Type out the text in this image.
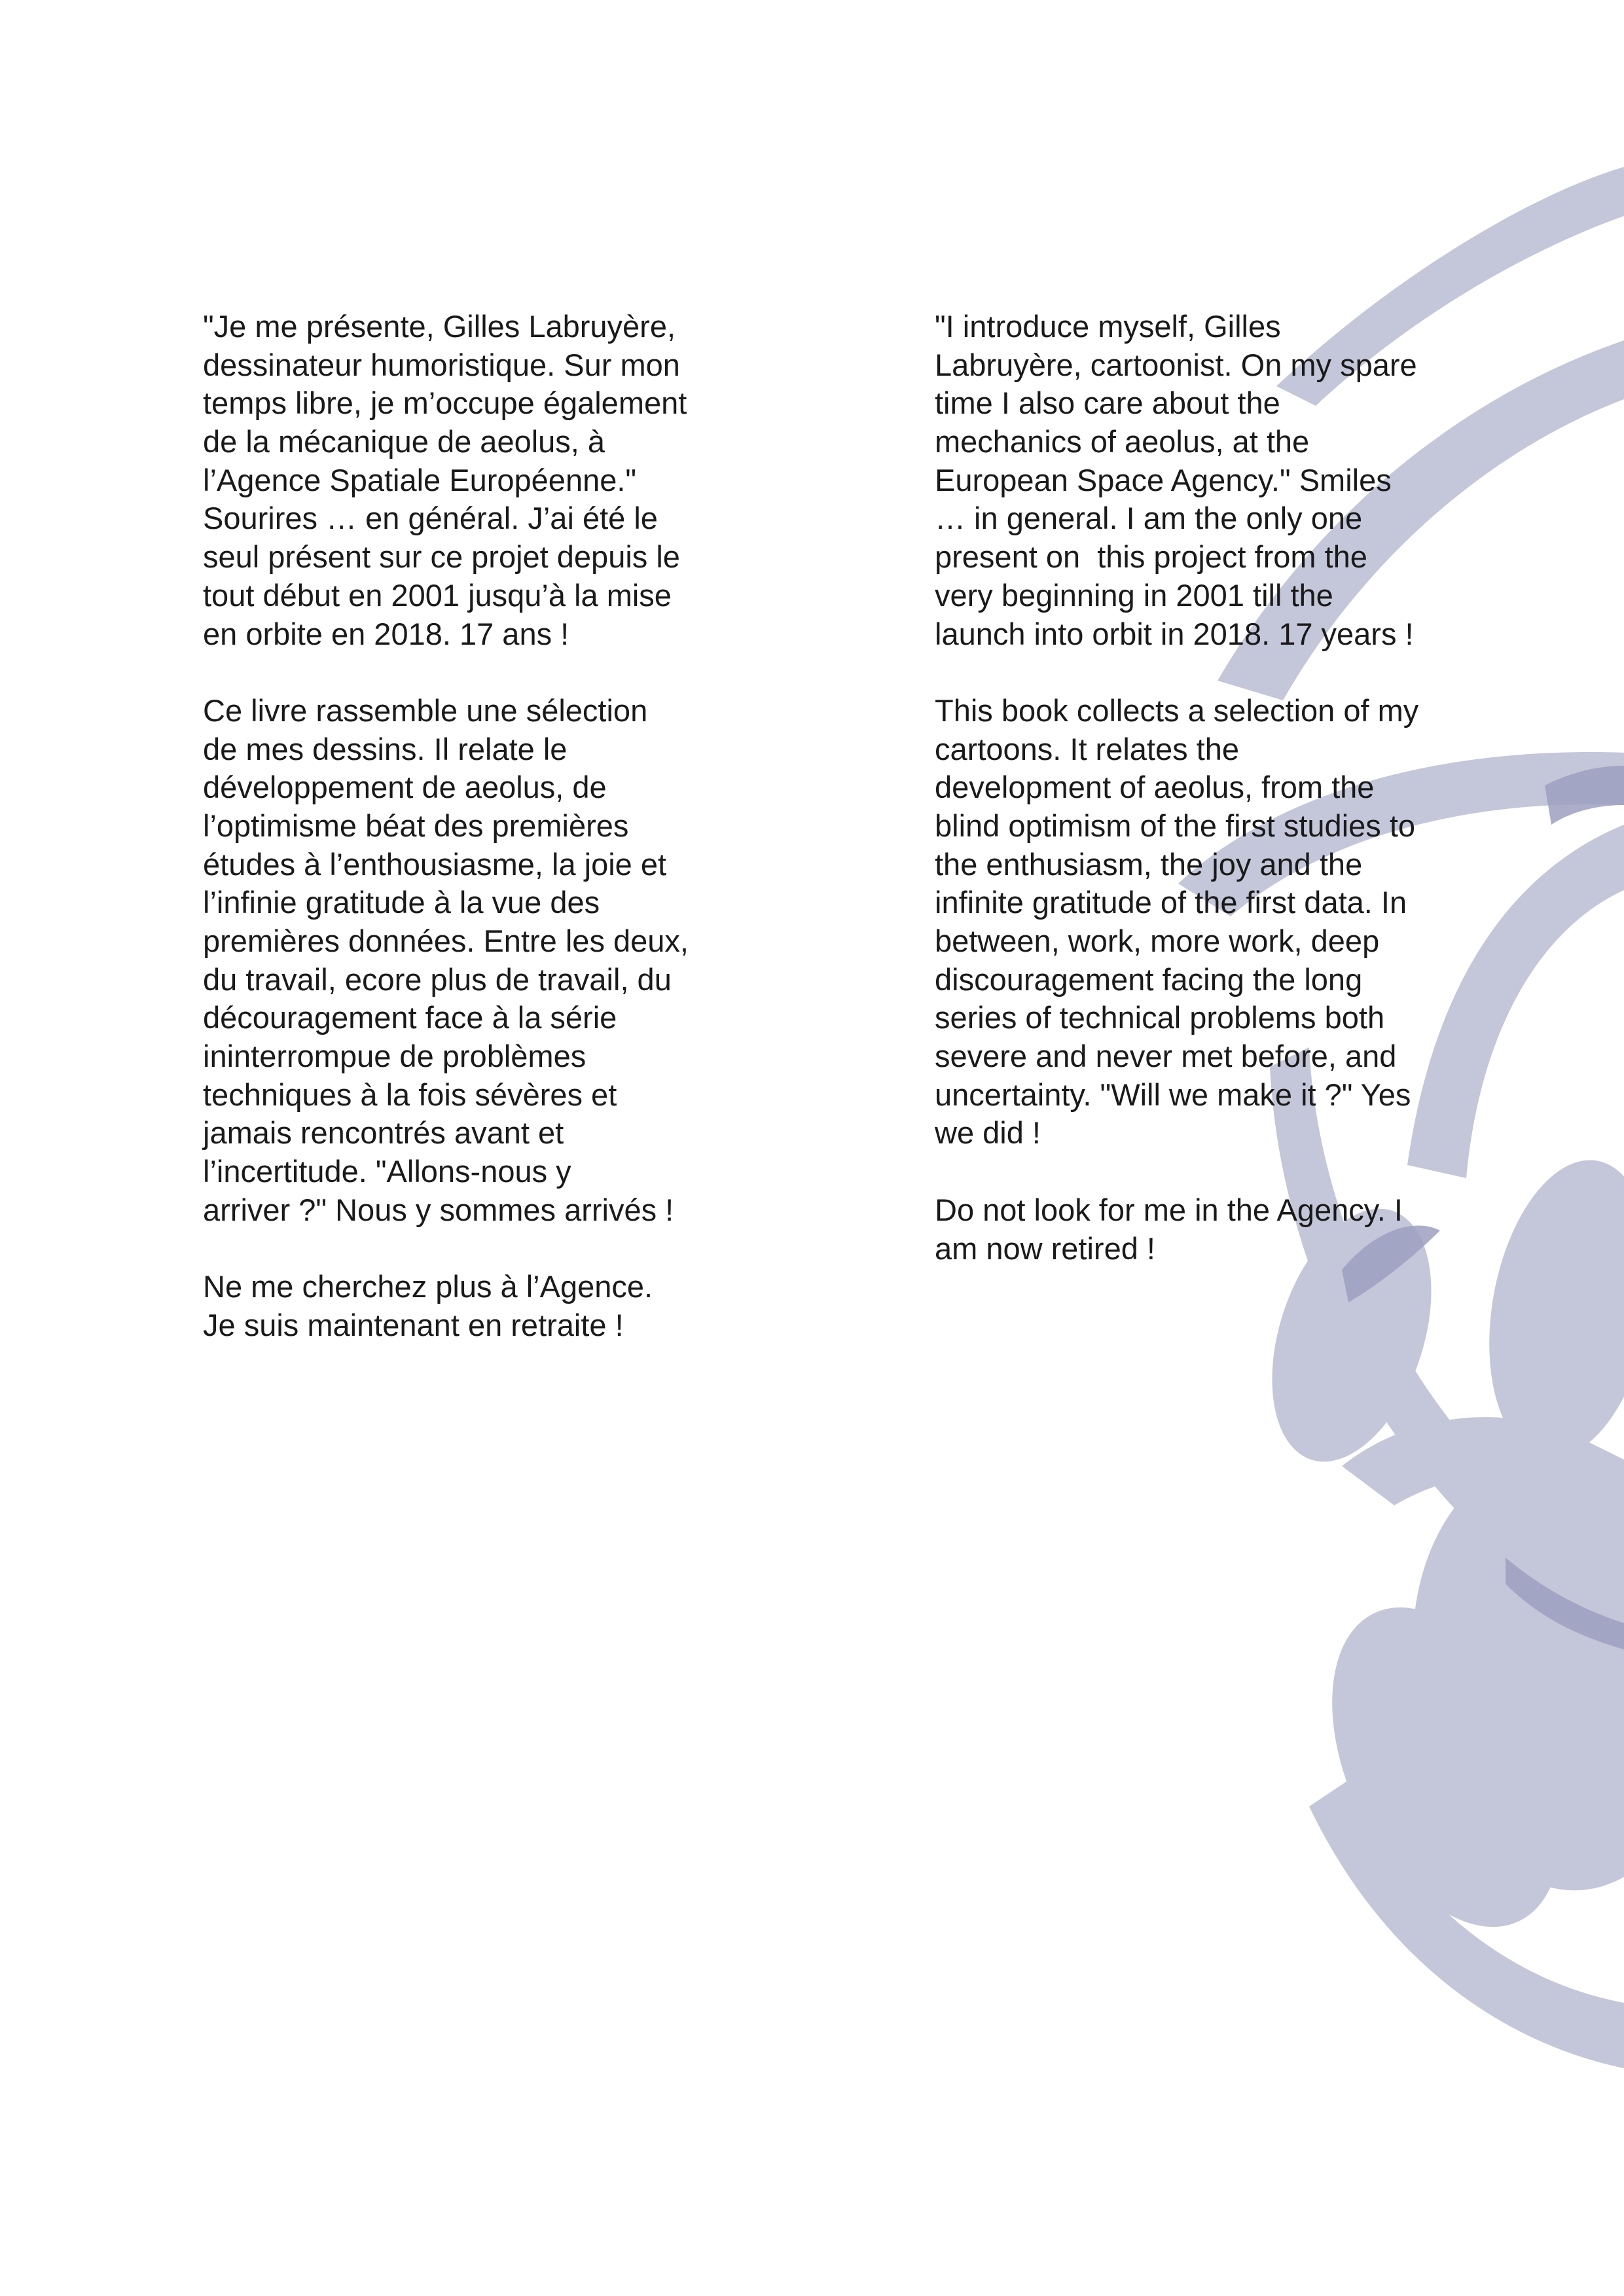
"Je me présente, Gilles Labruyère,
dessinateur humoristique. Sur mon
temps libre, je m’occupe également
de la mécanique de aeolus, à
l’Agence Spatiale Européenne."
Sourires … en général. J’ai été le
seul présent sur ce projet depuis le
tout début en 2001 jusqu’à la mise
en orbite en 2018. 17 ans !
Ce livre rassemble une sélection
de mes dessins. Il relate le
développement de aeolus, de
l’optimisme béat des premières
études à l’enthousiasme, la joie et
l’infinie gratitude à la vue des
premières données. Entre les deux,
du travail, ecore plus de travail, du
découragement face à la série
ininterrompue de problèmes
techniques à la fois sévères et
jamais rencontrés avant et
l’incertitude. "Allons-nous y
arriver ?" Nous y sommes arrivés !
Ne me cherchez plus à l’Agence.
Je suis maintenant en retraite !
"I introduce myself, Gilles
Labruyère, cartoonist. On my spare
time I also care about the
mechanics of aeolus, at the
European Space Agency." Smiles
… in general. I am the only one
present on  this project from the
very beginning in 2001 till the
launch into orbit in 2018. 17 years !
This book collects a selection of my
cartoons. It relates the
development of aeolus, from the
blind optimism of the first studies to
the enthusiasm, the joy and the
infinite gratitude of the first data. In
between, work, more work, deep
discouragement facing the long
series of technical problems both
severe and never met before, and
uncertainty. "Will we make it ?" Yes
we did !
Do not look for me in the Agency. I
am now retired !
